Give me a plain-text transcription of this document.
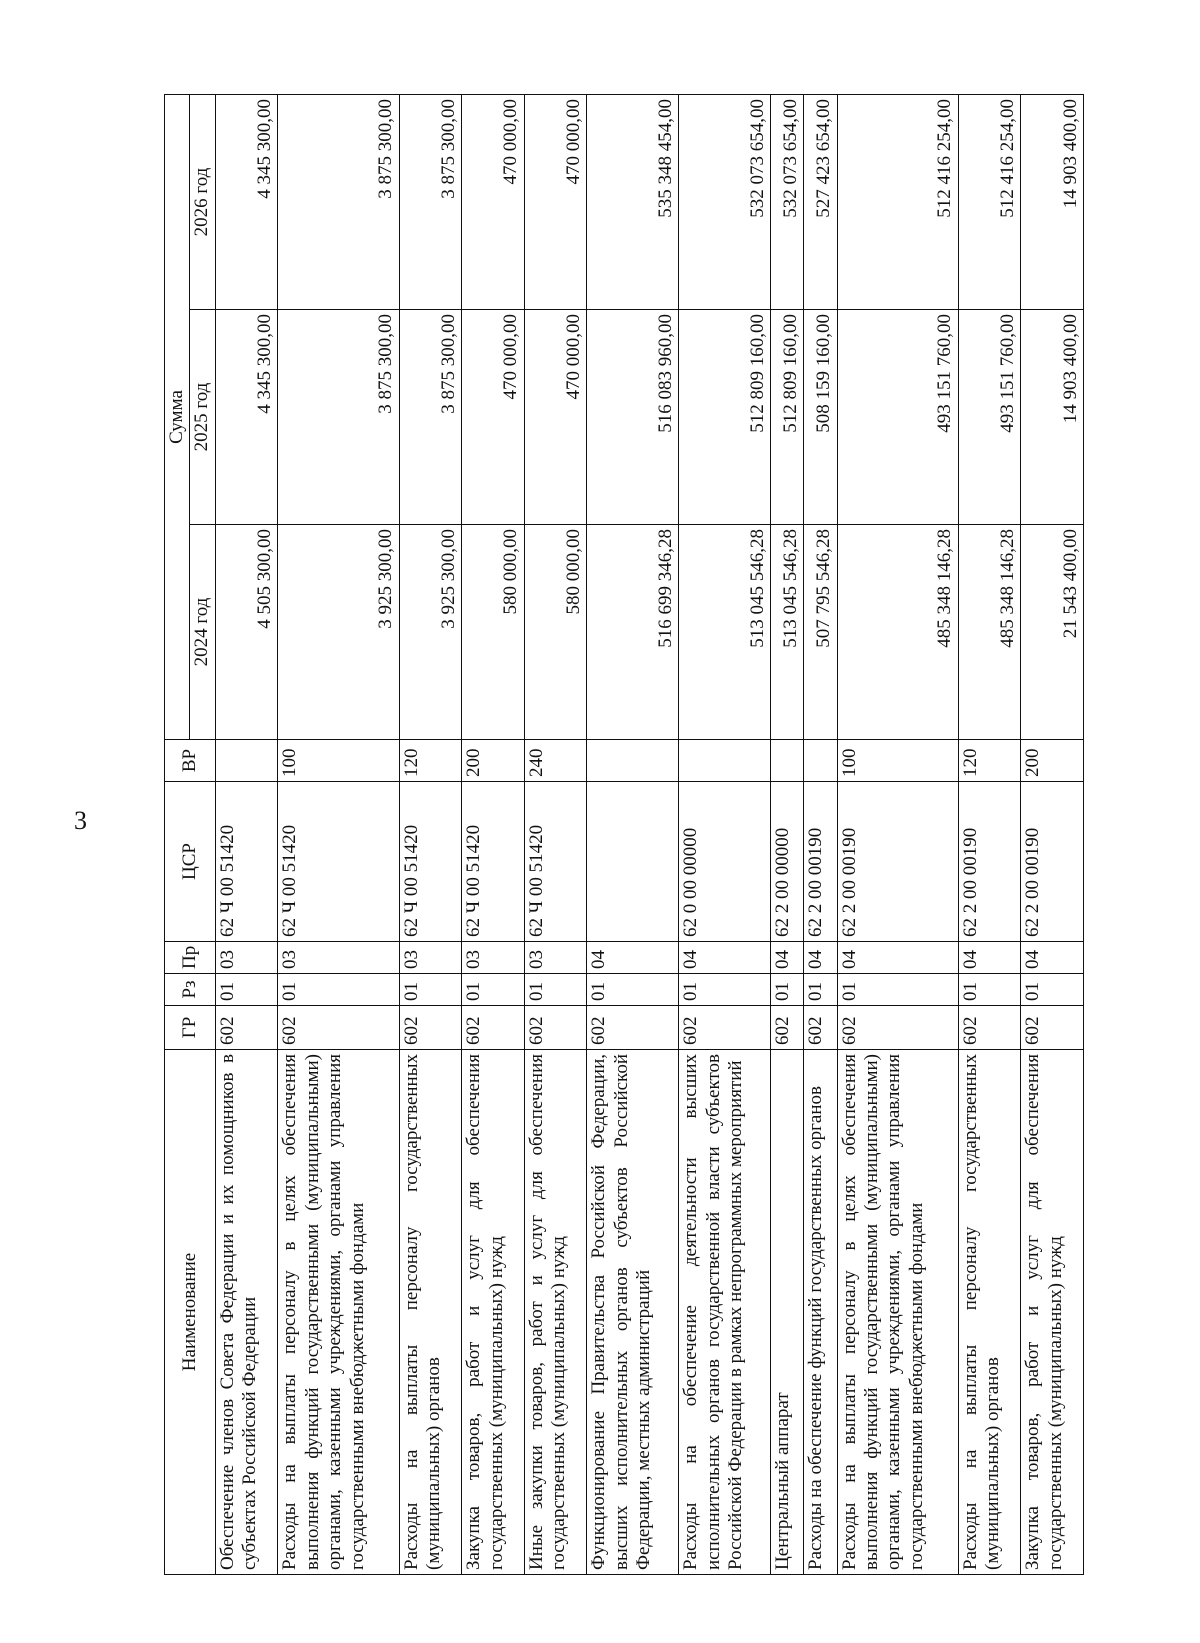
3
Наименование	ГР	Рз	Пр	ЦСР	ВР	Сумма		
						2024 год	2025 год	2026 год
Обеспечение членов Совета Федерации и их помощников в субъектах Российской Федерации	602	01	03	62 Ч 00 51420		4 505 300,00	4 345 300,00	4 345 300,00
Расходы на выплаты персоналу в целях обеспечения выполнения функций государственными (муниципальными) органами, казенными учреждениями, органами управления государственными внебюджетными фондами	602	01	03	62 Ч 00 51420	100	3 925 300,00	3 875 300,00	3 875 300,00
Расходы на выплаты персоналу государственных (муниципальных) органов	602	01	03	62 Ч 00 51420	120	3 925 300,00	3 875 300,00	3 875 300,00
Закупка товаров, работ и услуг для обеспечения государственных (муниципальных) нужд	602	01	03	62 Ч 00 51420	200	580 000,00	470 000,00	470 000,00
Иные закупки товаров, работ и услуг для обеспечения государственных (муниципальных) нужд	602	01	03	62 Ч 00 51420	240	580 000,00	470 000,00	470 000,00
Функционирование Правительства Российской Федерации, высших исполнительных органов субъектов Российской Федерации, местных администраций	602	01	04			516 699 346,28	516 083 960,00	535 348 454,00
Расходы на обеспечение деятельности высших исполнительных органов государственной власти субъектов Российской Федерации в рамках непрограммных мероприятий	602	01	04	62 0 00 00000		513 045 546,28	512 809 160,00	532 073 654,00
Центральный аппарат	602	01	04	62 2 00 00000		513 045 546,28	512 809 160,00	532 073 654,00
Расходы на обеспечение функций государственных органов	602	01	04	62 2 00 00190		507 795 546,28	508 159 160,00	527 423 654,00
Расходы на выплаты персоналу в целях обеспечения выполнения функций государственными (муниципальными) органами, казенными учреждениями, органами управления государственными внебюджетными фондами	602	01	04	62 2 00 00190	100	485 348 146,28	493 151 760,00	512 416 254,00
Расходы на выплаты персоналу государственных (муниципальных) органов	602	01	04	62 2 00 00190	120	485 348 146,28	493 151 760,00	512 416 254,00
Закупка товаров, работ и услуг для обеспечения государственных (муниципальных) нужд	602	01	04	62 2 00 00190	200	21 543 400,00	14 903 400,00	14 903 400,00
